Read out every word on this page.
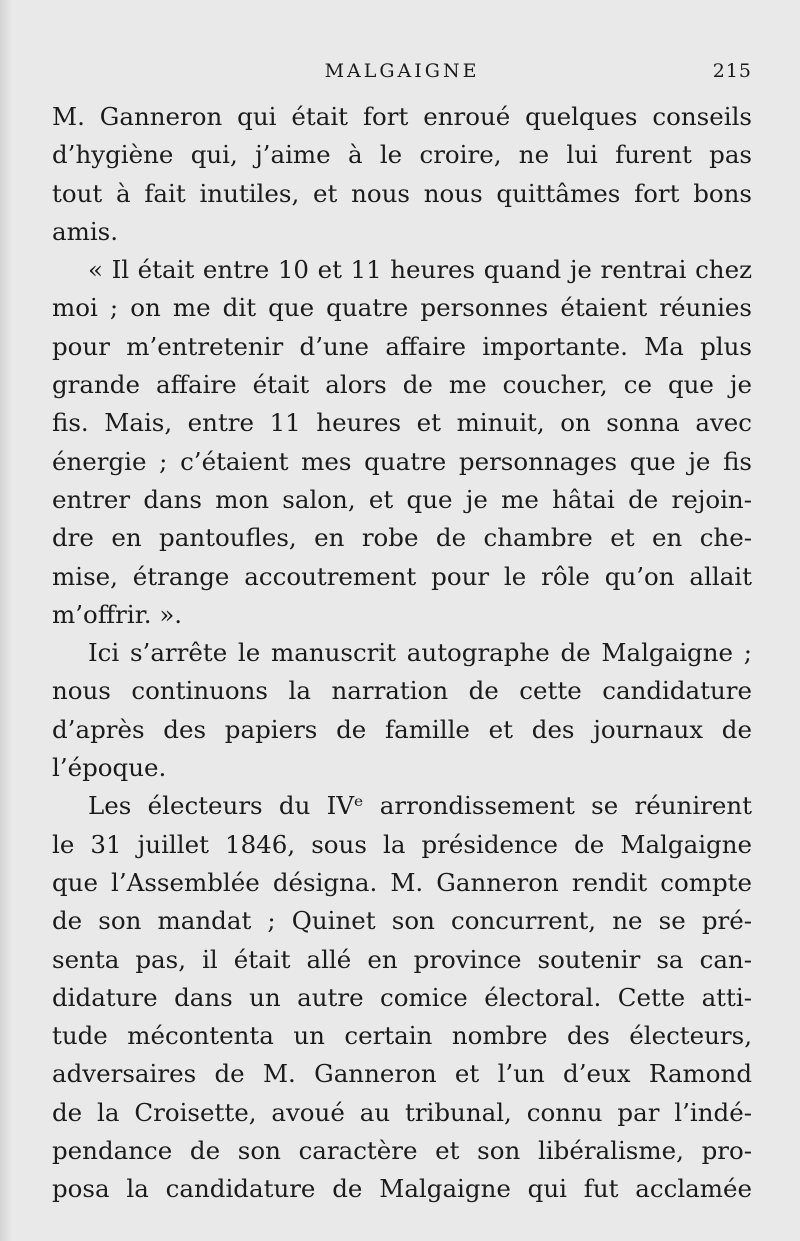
MALGAIGNE	215
M. Ganneron qui était fort enroué quelques conseils
d’hygiène qui, j’aime à le croire, ne lui furent pas
tout à fait inutiles, et nous nous quittâmes fort bons
amis.
« Il était entre 10 et 11 heures quand je rentrai chez
moi ; on me dit que quatre personnes étaient réunies
pour m’entretenir d’une affaire importante. Ma plus
grande affaire était alors de me coucher, ce que je
fis. Mais, entre 11 heures et minuit, on sonna avec
énergie ; c’étaient mes quatre personnages que je fis
entrer dans mon salon, et que je me hâtai de rejoin-
dre en pantoufles, en robe de chambre et en che-
mise, étrange accoutrement pour le rôle qu’on allait
m’offrir. ».
Ici s’arrête le manuscrit autographe de Malgaigne ;
nous continuons la narration de cette candidature
d’après des papiers de famille et des journaux de
l’époque.
Les électeurs du IVᵉ arrondissement se réunirent
le 31 juillet 1846, sous la présidence de Malgaigne
que l’Assemblée désigna. M. Ganneron rendit compte
de son mandat ; Quinet son concurrent, ne se pré-
senta pas, il était allé en province soutenir sa can-
didature dans un autre comice électoral. Cette atti-
tude mécontenta un certain nombre des électeurs,
adversaires de M. Ganneron et l’un d’eux Ramond
de la Croisette, avoué au tribunal, connu par l’indé-
pendance de son caractère et son libéralisme, pro-
posa la candidature de Malgaigne qui fut acclamée
